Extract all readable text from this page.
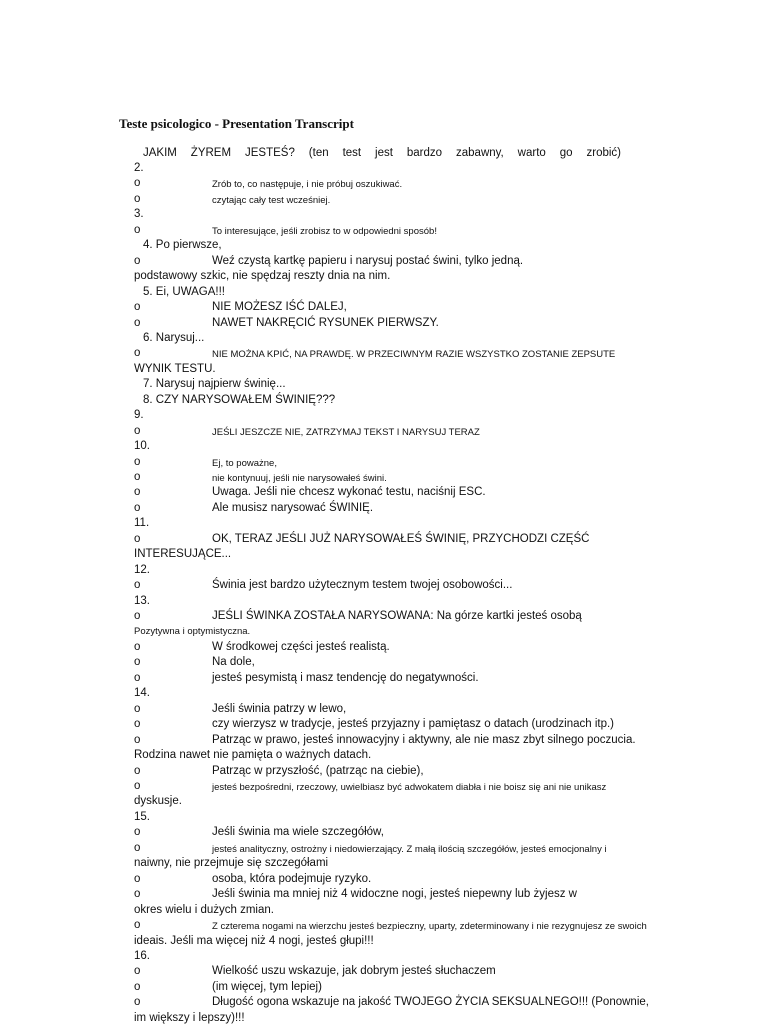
Teste psicologico - Presentation Transcript
JAKIM ŻYREM JESTEŚ? (ten test jest bardzo zabawny, warto go zrobić)
2.
o	Zrób to, co następuje, i nie próbuj oszukiwać.
o	czytając cały test wcześniej.
3.
o	To interesujące, jeśli zrobisz to w odpowiedni sposób!
4. Po pierwsze,
o	Weź czystą kartkę papieru i narysuj postać świni, tylko jedną.
podstawowy szkic, nie spędzaj reszty dnia na nim.
5. Ei, UWAGA!!!
o	NIE MOŻESZ IŚĆ DALEJ,
o	NAWET NAKRĘCIĆ RYSUNEK PIERWSZY.
6. Narysuj...
o	NIE MOŻNA KPIĆ, NA PRAWDĘ. W PRZECIWNYM RAZIE WSZYSTKO ZOSTANIE ZEPSUTE
WYNIK TESTU.
7. Narysuj najpierw świnię...
8. CZY NARYSOWAŁEM ŚWINIĘ???
9.
o	JEŚLI JESZCZE NIE, ZATRZYMAJ TEKST I NARYSUJ TERAZ
10.
o	Ej, to poważne,
o	nie kontynuuj, jeśli nie narysowałeś świni.
o	Uwaga. Jeśli nie chcesz wykonać testu, naciśnij ESC.
o	Ale musisz narysować ŚWINIĘ.
11.
o	OK, TERAZ JEŚLI JUŻ NARYSOWAŁEŚ ŚWINIĘ, PRZYCHODZI CZĘŚĆ
INTERESUJĄCE...
12.
o	Świnia jest bardzo użytecznym testem twojej osobowości...
13.
o	JEŚLI ŚWINKA ZOSTAŁA NARYSOWANA: Na górze kartki jesteś osobą
Pozytywna i optymistyczna.
o	W środkowej części jesteś realistą.
o	Na dole,
o	jesteś pesymistą i masz tendencję do negatywności.
14.
o	Jeśli świnia patrzy w lewo,
o	czy wierzysz w tradycje, jesteś przyjazny i pamiętasz o datach (urodzinach itp.)
o	Patrząc w prawo, jesteś innowacyjny i aktywny, ale nie masz zbyt silnego poczucia.
Rodzina nawet nie pamięta o ważnych datach.
o	Patrząc w przyszłość, (patrząc na ciebie),
o	jesteś bezpośredni, rzeczowy, uwielbiasz być adwokatem diabła i nie boisz się ani nie unikasz
dyskusje.
15.
o	Jeśli świnia ma wiele szczegółów,
o	jesteś analityczny, ostrożny i niedowierzający. Z małą ilością szczegółów, jesteś emocjonalny i
naiwny, nie przejmuje się szczegółami
o	osoba, która podejmuje ryzyko.
o	Jeśli świnia ma mniej niż 4 widoczne nogi, jesteś niepewny lub żyjesz w
okres wielu i dużych zmian.
o	Z czterema nogami na wierzchu jesteś bezpieczny, uparty, zdeterminowany i nie rezygnujesz ze swoich
ideais. Jeśli ma więcej niż 4 nogi, jesteś głupi!!!
16.
o	Wielkość uszu wskazuje, jak dobrym jesteś słuchaczem
o	(im więcej, tym lepiej)
o	Długość ogona wskazuje na jakość TWOJEGO ŻYCIA SEKSUALNEGO!!! (Ponownie,
im większy i lepszy)!!!
